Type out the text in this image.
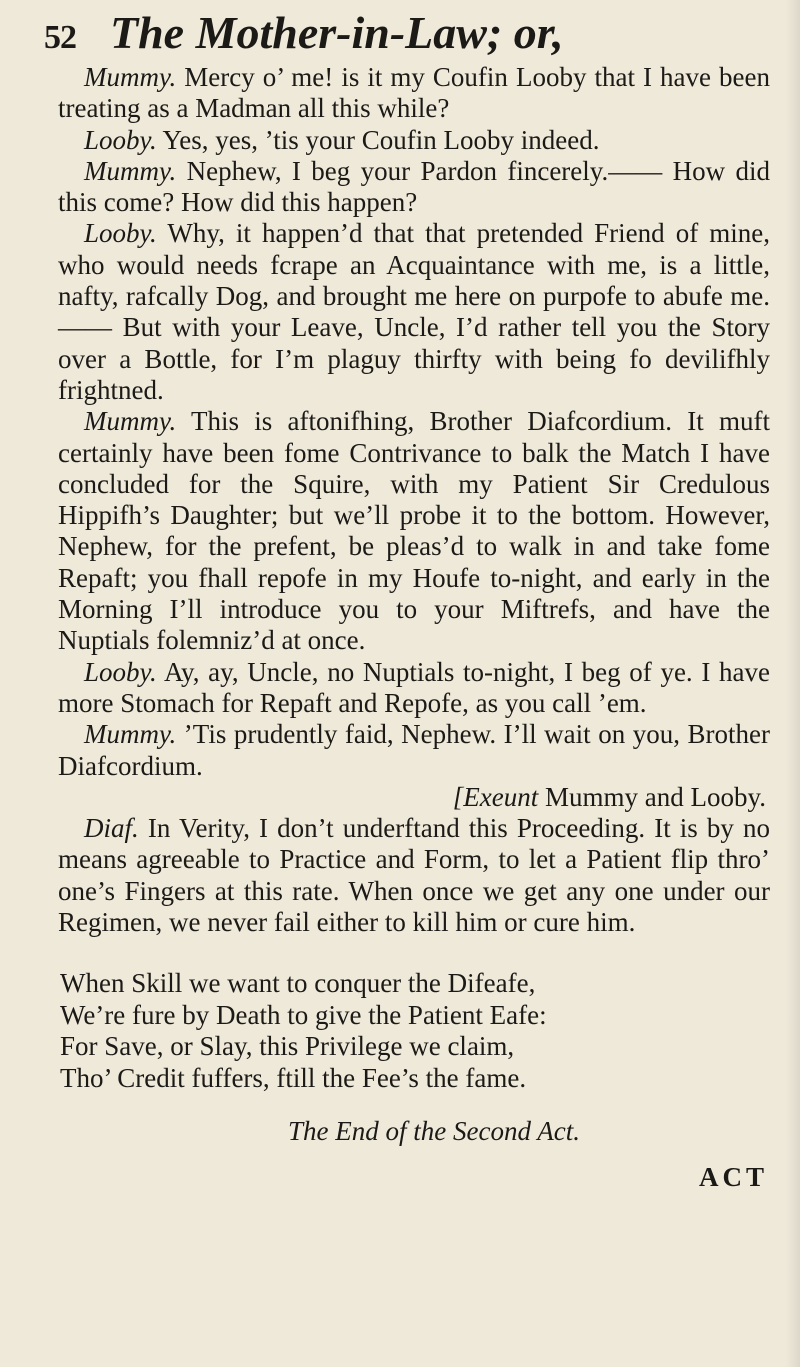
52 The Mother-in-Law; or,

Mummy. Mercy o’ me! is it my Coufin Looby that I have been treating as a Madman all this while?

Looby. Yes, yes, ’tis your Coufin Looby indeed.

Mummy. Nephew, I beg your Pardon fincerely.—— How did this come? How did this happen?

Looby. Why, it happen’d that that pretended Friend of mine, who would needs fcrape an Acquaintance with me, is a little, nafty, rafcally Dog, and brought me here on purpofe to abufe me. —— But with your Leave, Uncle, I’d rather tell you the Story over a Bottle, for I’m plaguy thirfty with being fo devilifhly frightned.

Mummy. This is aftonifhing, Brother Diafcordium. It muft certainly have been fome Contrivance to balk the Match I have concluded for the Squire, with my Patient Sir Credulous Hippifh’s Daughter; but we’ll probe it to the bottom. However, Nephew, for the prefent, be pleas’d to walk in and take fome Repaft; you fhall repofe in my Houfe to-night, and early in the Morning I’ll introduce you to your Miftrefs, and have the Nuptials folemniz’d at once.

Looby. Ay, ay, Uncle, no Nuptials to-night, I beg of ye. I have more Stomach for Repaft and Repofe, as you call ’em.

Mummy. ’Tis prudently faid, Nephew. I’ll wait on you, Brother Diafcordium.

[Exeunt Mummy and Looby.

Diaf. In Verity, I don’t underftand this Proceeding. It is by no means agreeable to Practice and Form, to let a Patient flip thro’ one’s Fingers at this rate. When once we get any one under our Regimen, we never fail either to kill him or cure him.

When Skill we want to conquer the Difeafe,
We’re fure by Death to give the Patient Eafe:
For Save, or Slay, this Privilege we claim,
Tho’ Credit fuffers, ftill the Fee’s the fame.
The End of the Second Act.
ACT
